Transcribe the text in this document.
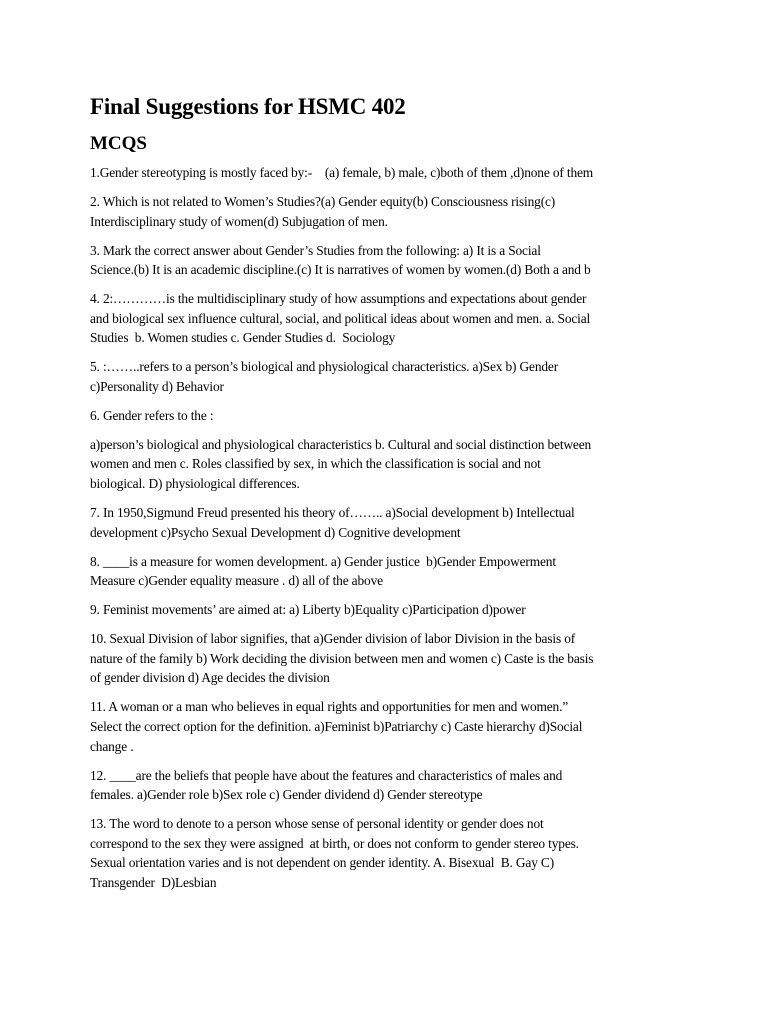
Final Suggestions for HSMC 402
MCQS
1.Gender stereotyping is mostly faced by:-    (a) female, b) male, c)both of them ,d)none of them
2. Which is not related to Women’s Studies?(a) Gender equity(b) Consciousness rising(c)
Interdisciplinary study of women(d) Subjugation of men.
3. Mark the correct answer about Gender’s Studies from the following: a) It is a Social
Science.(b) It is an academic discipline.(c) It is narratives of women by women.(d) Both a and b
4. 2:…………is the multidisciplinary study of how assumptions and expectations about gender
and biological sex influence cultural, social, and political ideas about women and men. a. Social
Studies  b. Women studies c. Gender Studies d.  Sociology
5. :……..refers to a person’s biological and physiological characteristics. a)Sex b) Gender
c)Personality d) Behavior
6. Gender refers to the :
a)person’s biological and physiological characteristics b. Cultural and social distinction between
women and men c. Roles classified by sex, in which the classification is social and not
biological. D) physiological differences.
7. In 1950,Sigmund Freud presented his theory of…….. a)Social development b) Intellectual
development c)Psycho Sexual Development d) Cognitive development
8. ____is a measure for women development. a) Gender justice  b)Gender Empowerment
Measure c)Gender equality measure . d) all of the above
9. Feminist movements’ are aimed at: a) Liberty b)Equality c)Participation d)power
10. Sexual Division of labor signifies, that a)Gender division of labor Division in the basis of
nature of the family b) Work deciding the division between men and women c) Caste is the basis
of gender division d) Age decides the division
11. A woman or a man who believes in equal rights and opportunities for men and women.”
Select the correct option for the definition. a)Feminist b)Patriarchy c) Caste hierarchy d)Social
change .
12. ____are the beliefs that people have about the features and characteristics of males and
females. a)Gender role b)Sex role c) Gender dividend d) Gender stereotype
13. The word to denote to a person whose sense of personal identity or gender does not
correspond to the sex they were assigned  at birth, or does not conform to gender stereo types.
Sexual orientation varies and is not dependent on gender identity. A. Bisexual  B. Gay C)
Transgender  D)Lesbian
